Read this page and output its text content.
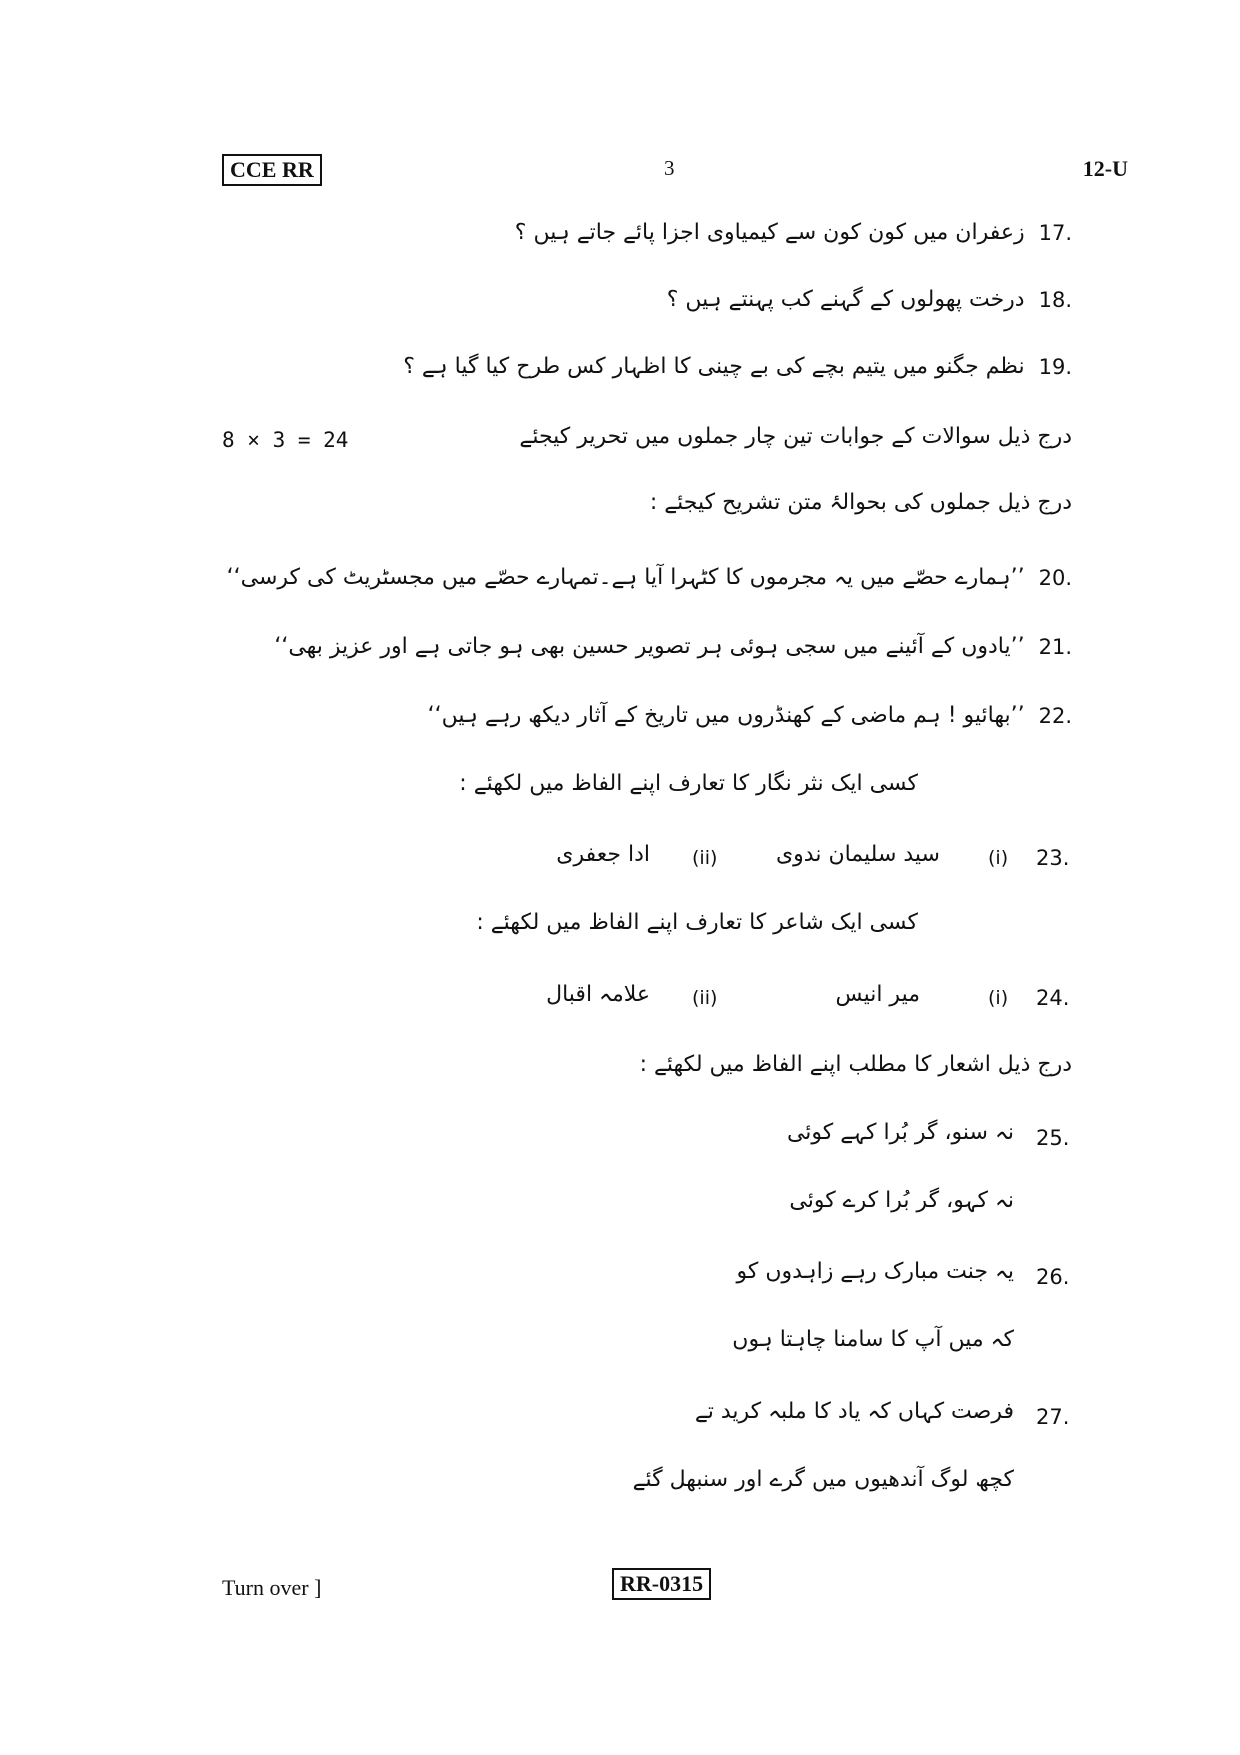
CCE RR	3	12-U
17.
زعفران میں کون کون سے کیمیاوی اجزا پائے جاتے ہیں ؟
18.
درخت پھولوں کے گہنے کب پہنتے ہیں ؟
19.
نظم جگنو میں یتیم بچے کی بے چینی کا اظہار کس طرح کیا گیا ہے ؟
8 × 3 = 24	درج ذیل سوالات کے جوابات تین چار جملوں میں تحریر کیجئے
درج ذیل جملوں کی بحوالۂ متن تشریح کیجئے :
20.
’’ہمارے حصّے میں یہ مجرموں کا کٹہرا آیا ہے۔تمہارے حصّے میں مجسٹریٹ کی کرسی‘‘
21.
’’یادوں کے آئینے میں سجی ہوئی ہر تصویر حسین بھی ہو جاتی ہے اور عزیز بھی‘‘
22.
’’بھائیو ! ہم ماضی کے کھنڈروں میں تاریخ کے آثار دیکھ رہے ہیں‘‘
کسی ایک نثر نگار کا تعارف اپنے الفاظ میں لکھئے :
23.
(i)
سید سلیمان ندوی
(ii)
ادا جعفری
کسی ایک شاعر کا تعارف اپنے الفاظ میں لکھئے :
24.
(i)
میر انیس
(ii)
علامہ اقبال
درج ذیل اشعار کا مطلب اپنے الفاظ میں لکھئے :
25.
نہ سنو، گر بُرا کہے کوئی
نہ کہو، گر بُرا کرے کوئی
26.
یہ جنت مبارک رہے زاہدوں کو
کہ میں آپ کا سامنا چاہتا ہوں
27.
فرصت کہاں کہ یاد کا ملبہ کرید تے
کچھ لوگ آندھیوں میں گرے اور سنبھل گئے
Turn over ]	RR-0315
